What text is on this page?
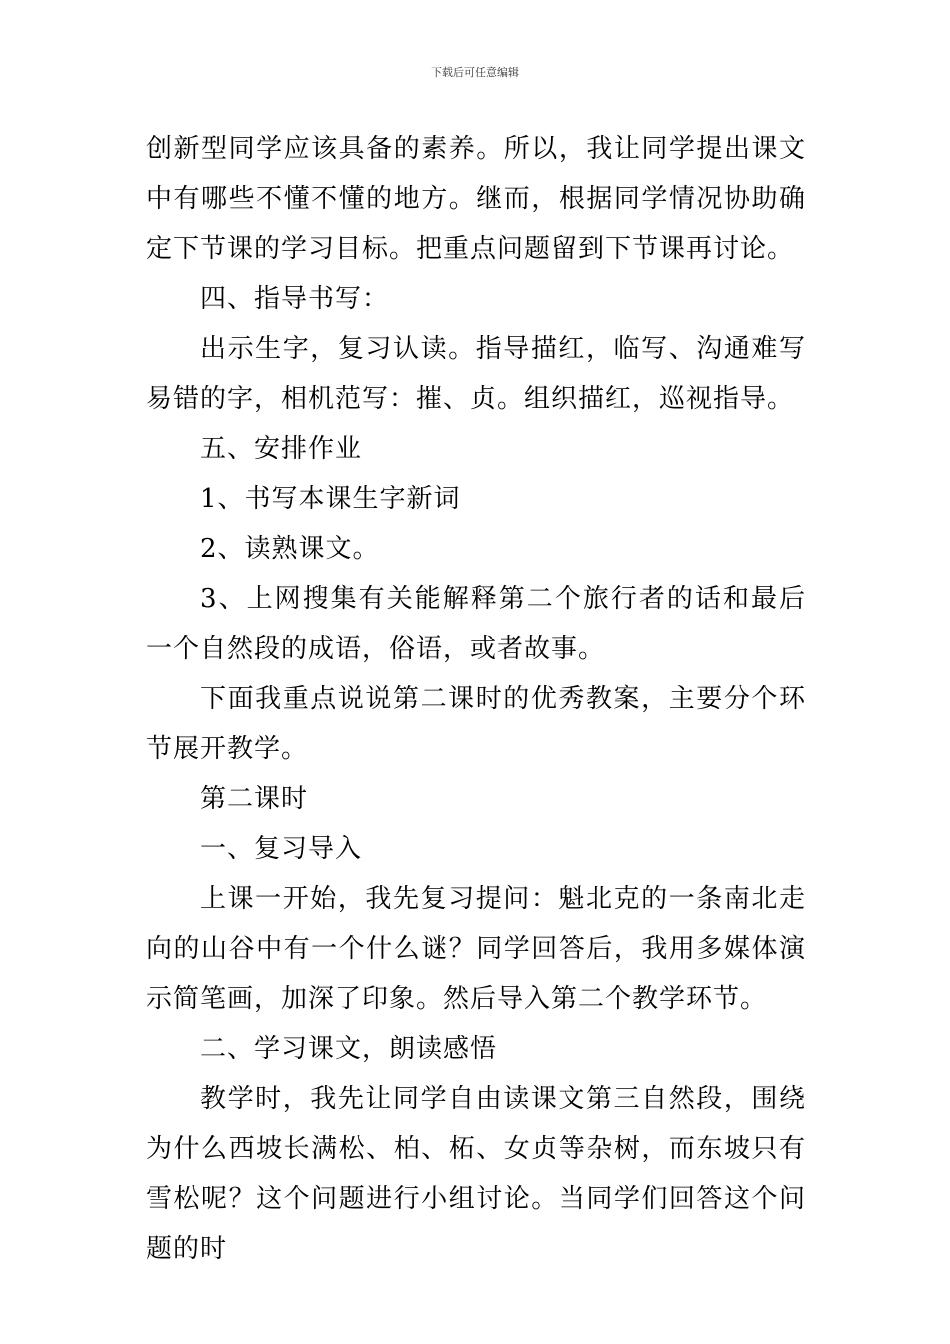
下载后可任意编辑

创新型同学应该具备的素养。所以，我让同学提出课文中有哪些不懂不懂的地方。继而，根据同学情况协助确定下节课的学习目标。把重点问题留到下节课再讨论。

四、指导书写：

出示生字，复习认读。指导描红，临写、沟通难写易错的字，相机范写：摧、贞。组织描红，巡视指导。

五、安排作业

1、书写本课生字新词

2、读熟课文。

3、上网搜集有关能解释第二个旅行者的话和最后一个自然段的成语，俗语，或者故事。

下面我重点说说第二课时的优秀教案，主要分个环节展开教学。

第二课时

一、复习导入

上课一开始，我先复习提问：魁北克的一条南北走向的山谷中有一个什么谜？同学回答后，我用多媒体演示简笔画，加深了印象。然后导入第二个教学环节。

二、学习课文，朗读感悟

教学时，我先让同学自由读课文第三自然段，围绕为什么西坡长满松、柏、柘、女贞等杂树，而东坡只有雪松呢？这个问题进行小组讨论。当同学们回答这个问题的时
